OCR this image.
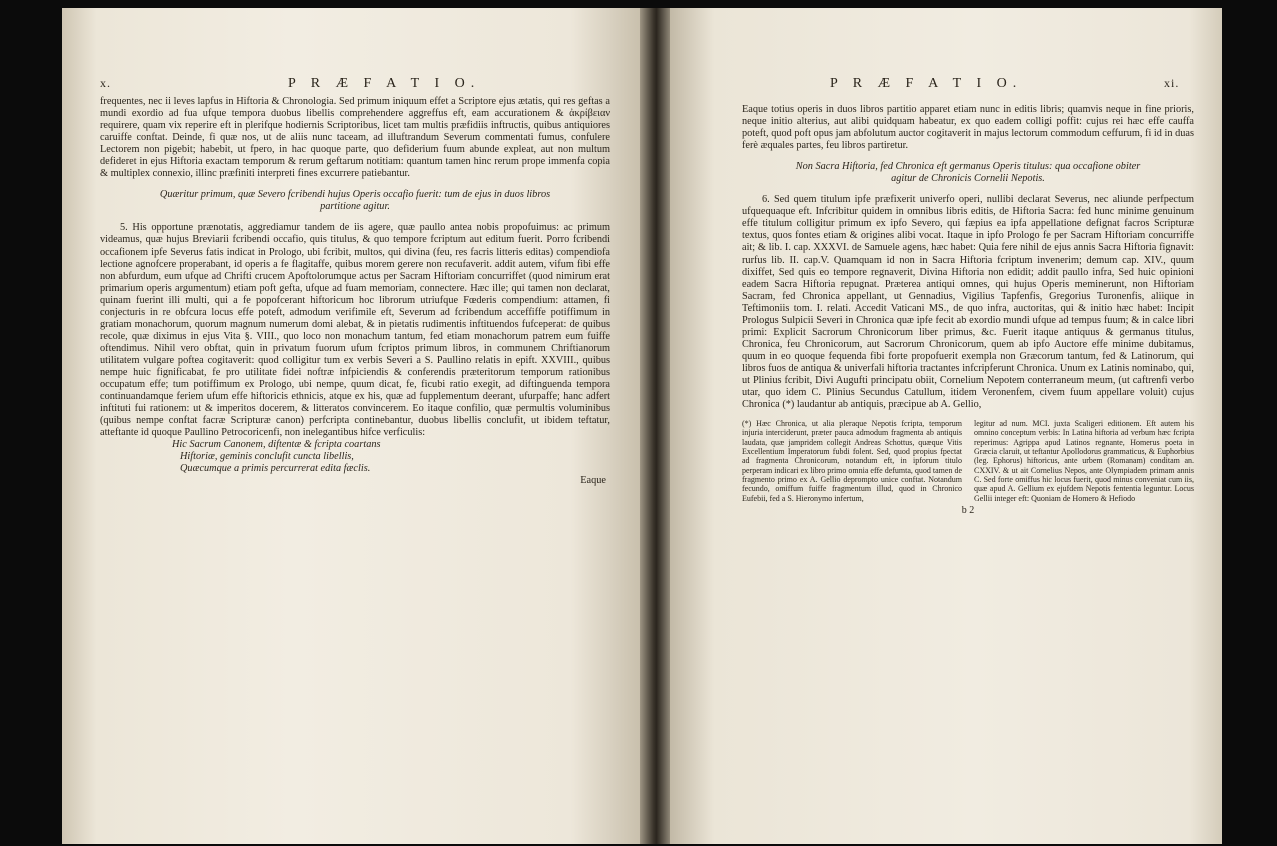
x.	P R Æ F A T I O.

frequentes, nec ii leves lapfus in Hiftoria & Chronologia. Sed primum iniquum effet a Scriptore ejus ætatis, qui res geftas a mundi exordio ad fua ufque tempora duobus libellis comprehendere aggreffus eft, eam accurationem & ἀκρίβειαν requirere, quam vix reperire eft in plerifque hodiernis Scriptoribus, licet tam multis præfidiis inftructis, quibus antiquiores caruiffe conftat. Deinde, fi quæ nos, ut de aliis nunc taceam, ad illuftrandum Severum commentati fumus, confulere Lectorem non pigebit; habebit, ut fpero, in hac quoque parte, quo defiderium fuum abunde expleat, aut non multum defideret in ejus Hiftoria exactam temporum & rerum geftarum notitiam: quantum tamen hinc rerum prope immenfa copia & multiplex connexio, illinc præfiniti interpreti fines excurrere patiebantur.

Quæritur primum, quæ Severo fcribendi hujus Operis occafio fuerit: tum de ejus in duos libros partitione agitur.

5. His opportune prænotatis, aggrediamur tandem de iis agere, quæ paullo antea nobis propofuimus: ac primum videamus, quæ hujus Breviarii fcribendi occafio, quis titulus, & quo tempore fcriptum aut editum fuerit. Porro fcribendi occafionem ipfe Severus fatis indicat in Prologo, ubi fcribit, multos, qui divina (feu, res facris litteris editas) compendiofa lectione agnofcere properabant, id operis a fe flagitaffe, quibus morem gerere non recufaverit. addit autem, vifum fibi effe non abfurdum, eum ufque ad Chrifti crucem Apoftolorumque actus per Sacram Hiftoriam concurriffet (quod nimirum erat primarium operis argumentum) etiam poft gefta, ufque ad fuam memoriam, connectere. Hæc ille; qui tamen non declarat, quinam fuerint illi multi, qui a fe popofcerant hiftoricum hoc librorum utriufque Fœderis compendium: attamen, fi conjecturis in re obfcura locus effe poteft, admodum verifimile eft, Severum ad fcribendum acceffiffe potiffimum in gratiam monachorum, quorum magnum numerum domi alebat, & in pietatis rudimentis inftituendos fufceperat: de quibus recole, quæ diximus in ejus Vita §. VIII., quo loco non monachum tantum, fed etiam monachorum patrem eum fuiffe oftendimus. Nihil vero obftat, quin in privatum fuorum ufum fcriptos primum libros, in communem Chriftianorum utilitatem vulgare poftea cogitaverit: quod colligitur tum ex verbis Severi a S. Paullino relatis in epift. XXVIII., quibus nempe huic fignificabat, fe pro utilitate fidei noftræ infpiciendis & conferendis præteritorum temporum rationibus occupatum effe; tum potiffimum ex Prologo, ubi nempe, quum dicat, fe, ficubi ratio exegit, ad diftinguenda tempora continuandamque feriem ufum effe hiftoricis ethnicis, atque ex his, quæ ad fupplementum deerant, ufurpaffe; hanc adfert inftituti fui rationem: ut & imperitos docerem, & litteratos convincerem. Eo itaque confilio, quæ permultis voluminibus (quibus nempe conftat facræ Scripturæ canon) perfcripta continebantur, duobus libellis conclufit, ut ibidem teftatur, atteftante id quoque Paullino Petrocoricenfi, non inelegantibus hifce verficulis:

Hic Sacrum Canonem, diftentæ & fcripta coartans

Hiftoriæ, geminis conclufit cuncta libellis,

Quæcumque a primis percurrerat edita fæclis.

Eaque

P R Æ F A T I O.	xi.

Eaque totius operis in duos libros partitio apparet etiam nunc in editis libris; quamvis neque in fine prioris, neque initio alterius, aut alibi quidquam habeatur, ex quo eadem colligi poffit: cujus rei hæc effe cauffa poteft, quod poft opus jam abfolutum auctor cogitaverit in majus lectorum commodum ceffurum, fi id in duas ferè æquales partes, feu libros partiretur.

Non Sacra Hiftoria, fed Chronica eft germanus Operis titulus: qua occafione obiter agitur de Chronicis Cornelii Nepotis.

6. Sed quem titulum ipfe præfixerit univerfo operi, nullibi declarat Severus, nec aliunde perfpectum ufquequaque eft. Infcribitur quidem in omnibus libris editis, de Hiftoria Sacra: fed hunc minime genuinum effe titulum colligitur primum ex ipfo Severo, qui fæpius ea ipfa appellatione defignat facros Scripturæ textus, quos fontes etiam & origines alibi vocat. Itaque in ipfo Prologo fe per Sacram Hiftoriam concurriffe ait; & lib. I. cap. XXXVI. de Samuele agens, hæc habet: Quia fere nihil de ejus annis Sacra Hiftoria fignavit: rurfus lib. II. cap.V. Quamquam id non in Sacra Hiftoria fcriptum invenerim; demum cap. XIV., quum dixiffet, Sed quis eo tempore regnaverit, Divina Hiftoria non edidit; addit paullo infra, Sed huic opinioni eadem Sacra Hiftoria repugnat. Præterea antiqui omnes, qui hujus Operis meminerunt, non Hiftoriam Sacram, fed Chronica appellant, ut Gennadius, Vigilius Tapfenfis, Gregorius Turonenfis, aliique in Teftimoniis tom. I. relati. Accedit Vaticani MS., de quo infra, auctoritas, qui & initio hæc habet: Incipit Prologus Sulpicii Severi in Chronica quæ ipfe fecit ab exordio mundi ufque ad tempus fuum; & in calce libri primi: Explicit Sacrorum Chronicorum liber primus, &c. Fuerit itaque antiquus & germanus titulus, Chronica, feu Chronicorum, aut Sacrorum Chronicorum, quem ab ipfo Auctore effe minime dubitamus, quum in eo quoque fequenda fibi forte propofuerit exempla non Græcorum tantum, fed & Latinorum, qui libros fuos de antiqua & univerfali hiftoria tractantes infcripferunt Chronica. Unum ex Latinis nominabo, qui, ut Plinius fcribit, Divi Augufti principatu obiit, Cornelium Nepotem conterraneum meum, (ut caftrenfi verbo utar, quo idem C. Plinius Secundus Catullum, itidem Veronenfem, civem fuum appellare voluit) cujus Chronica (*) laudantur ab antiquis, præcipue ab A. Gellio,

(*) Hæc Chronica, ut alia pleraque Nepotis fcripta, temporum injuria interciderunt, præter pauca admodum fragmenta ab antiquis laudata, quæ jampridem collegit Andreas Schottus, quæque Vitis Excellentium Imperatorum fubdi folent. Sed, quod propius fpectat ad fragmenta Chronicorum, notandum eft, in ipforum titulo perperam indicari ex libro primo omnia effe defumta, quod tamen de fragmento primo ex A. Gellio deprompto unice conftat. Notandum fecundo, omiffum fuiffe fragmentum illud, quod in Chronico Eufebii, fed a S. Hieronymo infertum,
legitur ad num. MCI. juxta Scaligeri editionem. Eft autem his omnino conceptum verbis: In Latina hiftoria ad verbum hæc fcripta reperimus: Agrippa apud Latinos regnante, Homerus poeta in Græcia claruit, ut teftantur Apollodorus grammaticus, & Euphorbius (leg. Ephorus) hiftoricus, ante urbem (Romanam) conditam an. CXXIV. & ut ait Cornelius Nepos, ante Olympiadem primam annis C. Sed forte omiffus hic locus fuerit, quod minus conveniat cum iis, quæ apud A. Gellium ex ejufdem Nepotis fententia leguntur. Locus Gellii integer eft: Quoniam de Homero & Hefiodo

b 2
